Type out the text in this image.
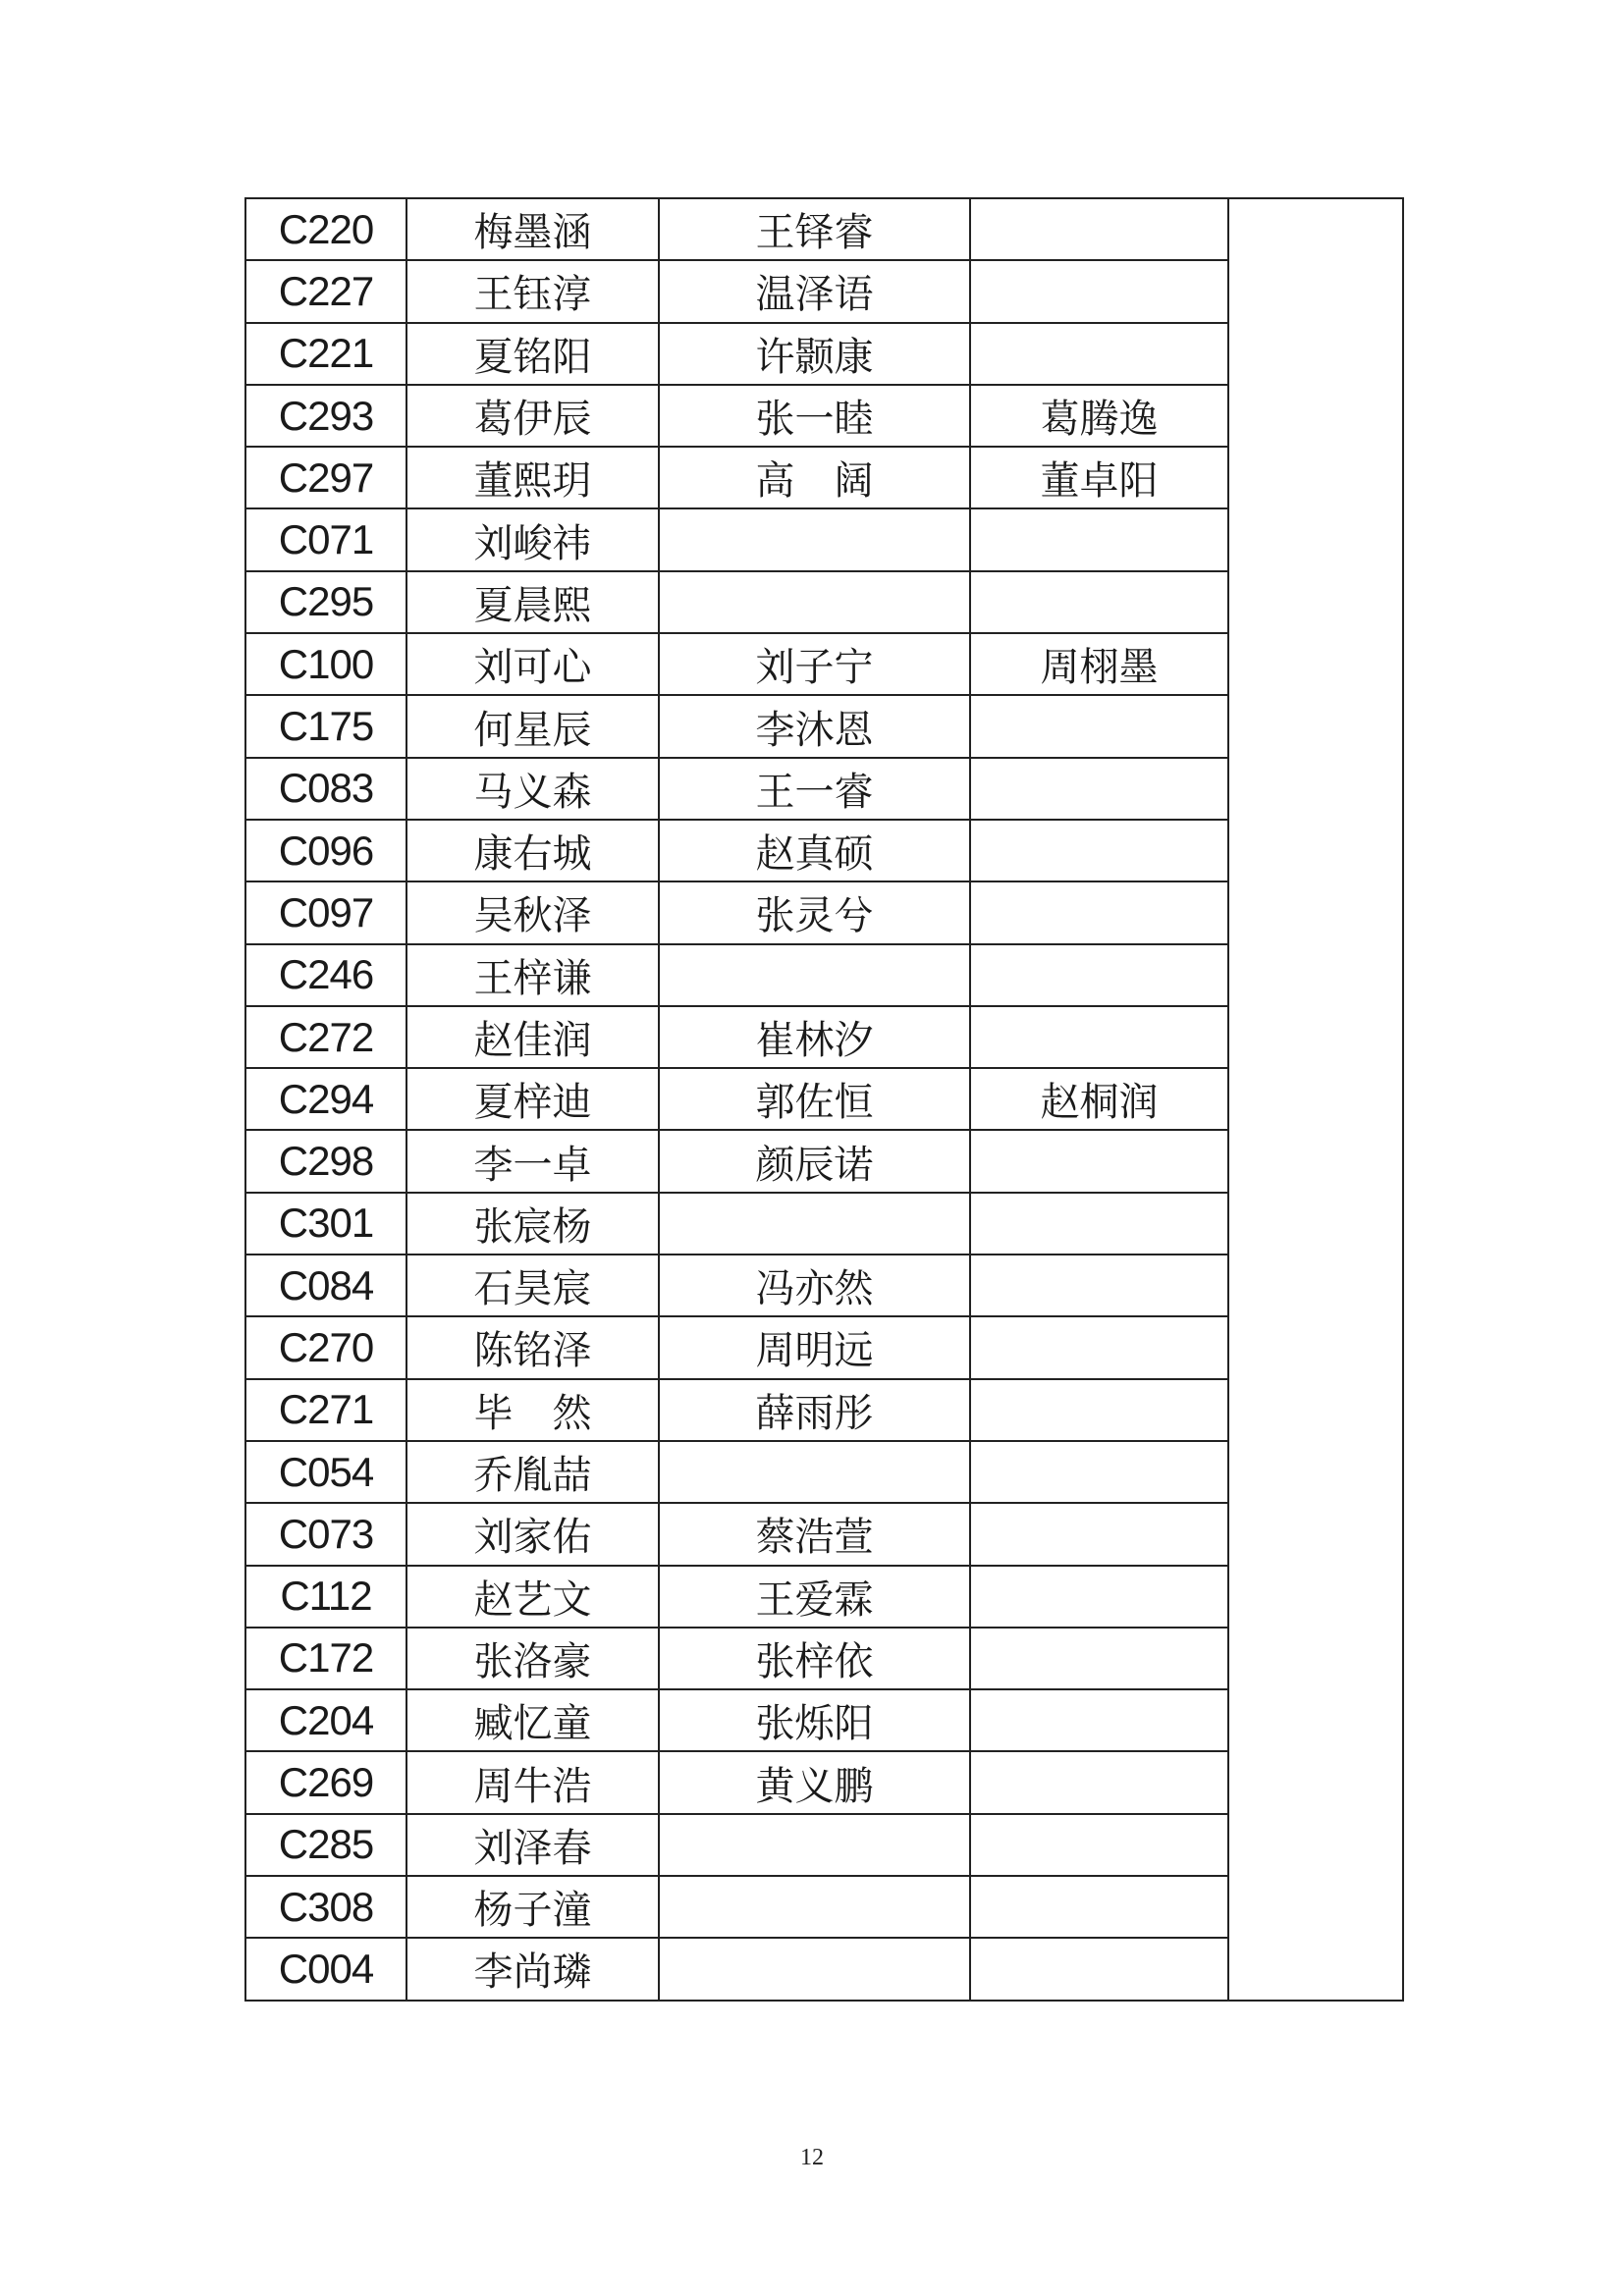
C220	梅墨涵	王铎睿		
C227	王钰淳	温泽语		
C221	夏铭阳	许颢康		
C293	葛伊辰	张一睦	葛腾逸	
C297	董熙玥	高　阔	董卓阳	
C071	刘峻祎			
C295	夏晨熙			
C100	刘可心	刘子宁	周栩墨	
C175	何星辰	李沐恩		
C083	马义森	王一睿		
C096	康右城	赵真硕		
C097	吴秋泽	张灵兮		
C246	王梓谦			
C272	赵佳润	崔林汐		
C294	夏梓迪	郭佐恒	赵桐润	
C298	李一卓	颜辰诺		
C301	张宸杨			
C084	石昊宸	冯亦然		
C270	陈铭泽	周明远		
C271	毕　然	薛雨彤		
C054	乔胤喆			
C073	刘家佑	蔡浩萱		
C112	赵艺文	王爱霖		
C172	张洛豪	张梓依		
C204	臧忆童	张烁阳		
C269	周牛浩	黄义鹏		
C285	刘泽春			
C308	杨子潼			
C004	李尚璘			
12
